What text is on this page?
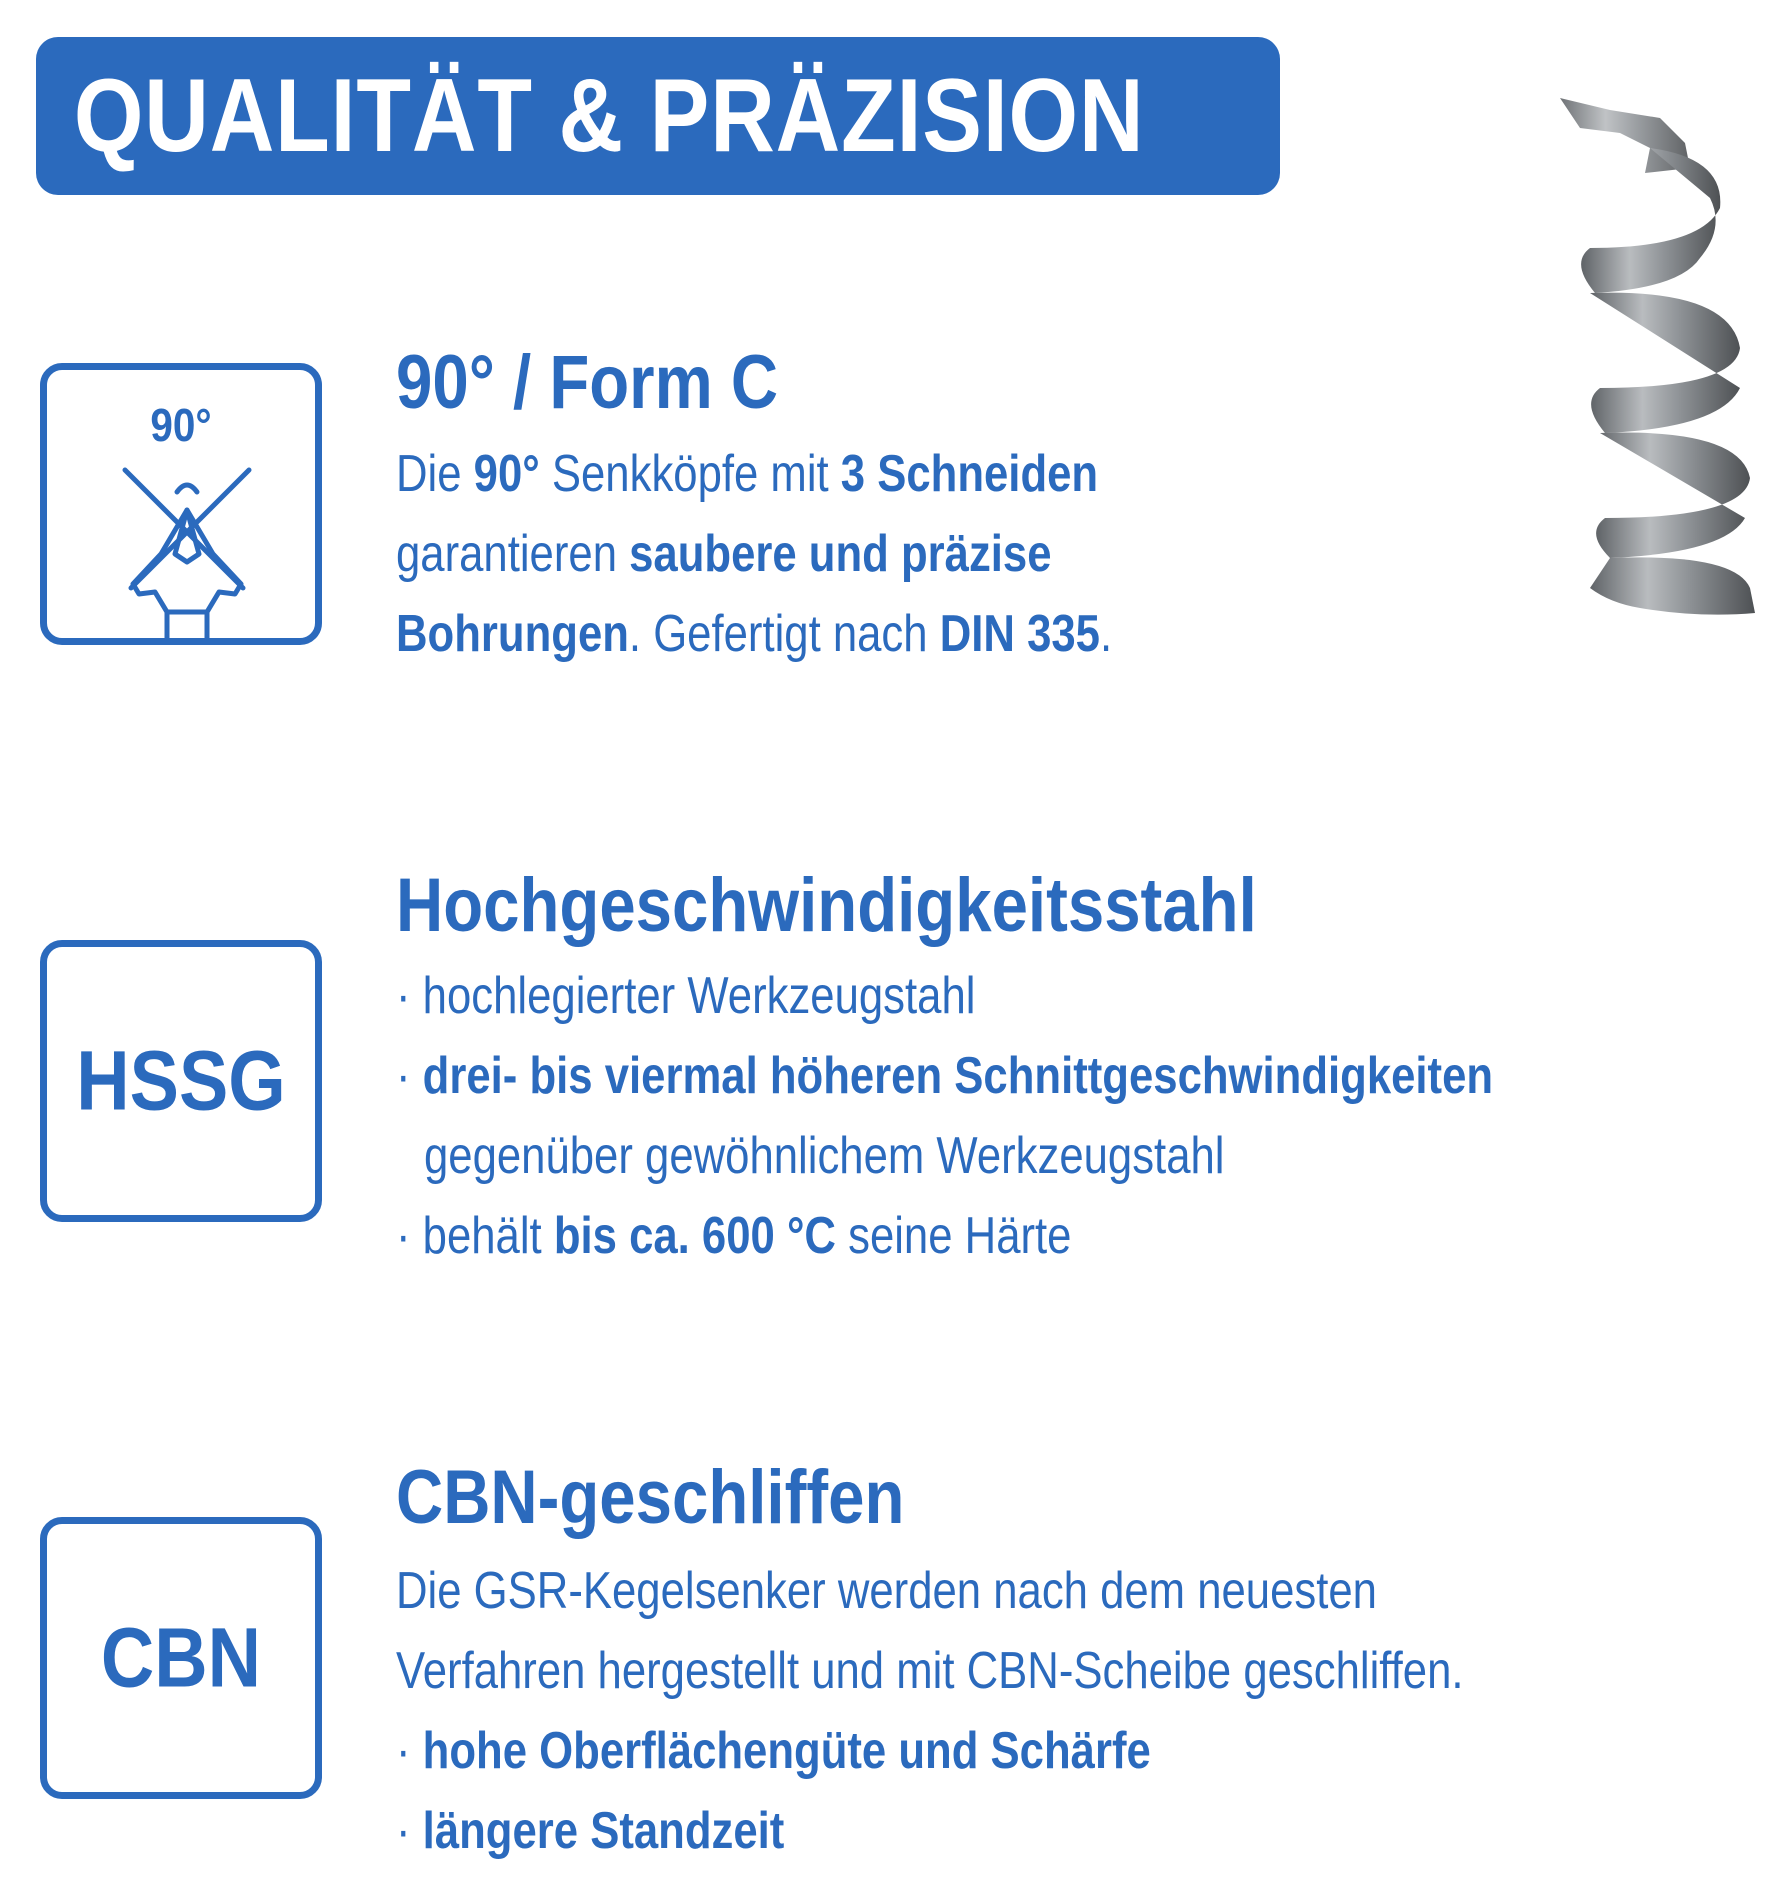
QUALITÄT & PRÄZISION
90°	90° / Form C
Die 90° Senkköpfe mit 3 Schneiden
garantieren saubere und präzise
Bohrungen. Gefertigt nach DIN 335.
HSSG
Hochgeschwindigkeitsstahl
· hochlegierter Werkzeugstahl
· drei- bis viermal höheren Schnittgeschwindigkeiten
gegenüber gewöhnlichem Werkzeugstahl
· behält bis ca. 600 °C seine Härte
CBN
CBN-geschliffen
Die GSR-Kegelsenker werden nach dem neuesten
Verfahren hergestellt und mit CBN-Scheibe geschliffen.
· hohe Oberflächengüte und Schärfe
· längere Standzeit
